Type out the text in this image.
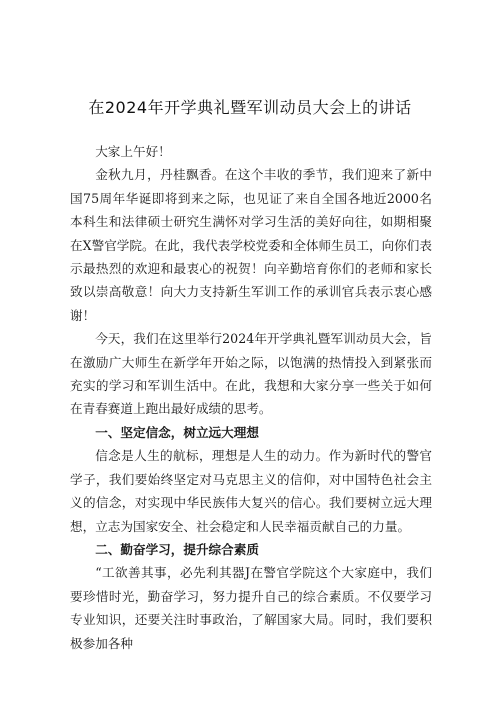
在2024年开学典礼暨军训动员大会上的讲话

大家上午好！

金秋九月，丹桂飘香。在这个丰收的季节，我们迎来了新中国75周年华诞即将到来之际，也见证了来自全国各地近2000名本科生和法律硕士研究生满怀对学习生活的美好向往，如期相聚在X警官学院。在此，我代表学校党委和全体师生员工，向你们表示最热烈的欢迎和最衷心的祝贺！向辛勤培育你们的老师和家长致以崇高敬意！向大力支持新生军训工作的承训官兵表示衷心感谢！

今天，我们在这里举行2024年开学典礼暨军训动员大会，旨在激励广大师生在新学年开始之际，以饱满的热情投入到紧张而充实的学习和军训生活中。在此，我想和大家分享一些关于如何在青春赛道上跑出最好成绩的思考。

一、坚定信念，树立远大理想

信念是人生的航标，理想是人生的动力。作为新时代的警官学子，我们要始终坚定对马克思主义的信仰，对中国特色社会主义的信念，对实现中华民族伟大复兴的信心。我们要树立远大理想，立志为国家安全、社会稳定和人民幸福贡献自己的力量。

二、勤奋学习，提升综合素质

“工欲善其事，必先利其器J在警官学院这个大家庭中，我们要珍惜时光，勤奋学习，努力提升自己的综合素质。不仅要学习专业知识，还要关注时事政治，了解国家大局。同时，我们要积极参加各种
